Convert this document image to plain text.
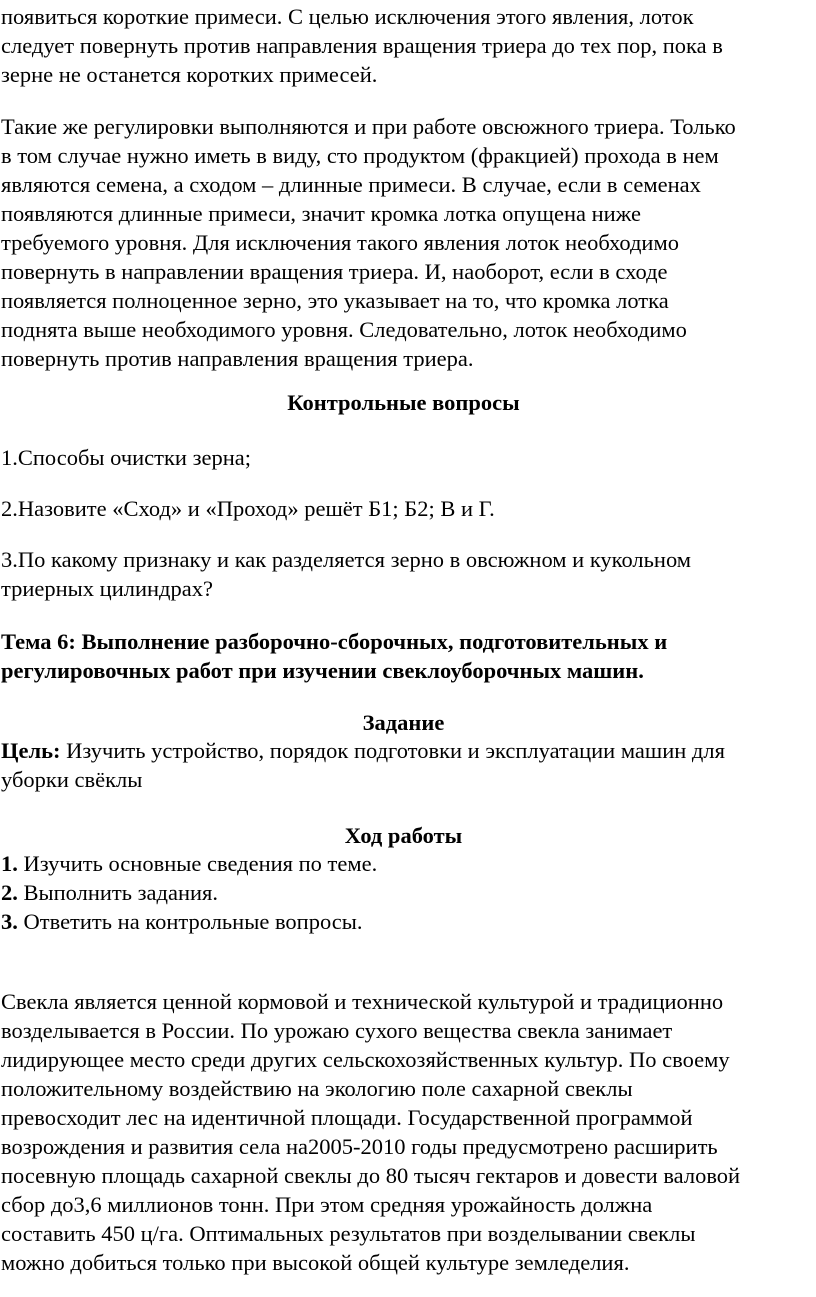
появиться короткие примеси. С целью исключения этого явления, лоток
следует повернуть против направления вращения триера до тех пор, пока в
зерне не останется коротких примесей.

Такие же регулировки выполняются и при работе овсюжного триера. Только
в том случае нужно иметь в виду, сто продуктом (фракцией) прохода в нем
являются семена, а сходом – длинные примеси. В случае, если в семенах
появляются длинные примеси, значит кромка лотка опущена ниже
требуемого уровня. Для исключения такого явления лоток необходимо
повернуть в направлении вращения триера. И, наоборот, если в сходе
появляется полноценное зерно, это указывает на то, что кромка лотка
поднята выше необходимого уровня. Следовательно, лоток необходимо
повернуть против направления вращения триера.

Контрольные вопросы

1.Способы очистки зерна;

2.Назовите «Сход» и «Проход» решёт Б1; Б2; В и Г.

3.По какому признаку и как разделяется зерно в овсюжном и кукольном
триерных цилиндрах?

Тема 6: Выполнение разборочно-сборочных, подготовительных и
регулировочных работ при изучении свеклоуборочных машин.

Задание

Цель: Изучить устройство, порядок подготовки и эксплуатации машин для
уборки свёклы

Ход работы

1. Изучить основные сведения по теме.

2. Выполнить задания.

3. Ответить на контрольные вопросы.

Свекла является ценной кормовой и технической культурой и традиционно
возделывается в России. По урожаю сухого вещества свекла занимает
лидирующее место среди других сельскохозяйственных культур. По своему
положительному воздействию на экологию поле сахарной свеклы
превосходит лес на идентичной площади. Государственной программой
возрождения и развития села на2005-2010 годы предусмотрено расширить
посевную площадь сахарной свеклы до 80 тысяч гектаров и довести валовой
сбор до3,6 миллионов тонн. При этом средняя урожайность должна
составить 450 ц/га. Оптимальных результатов при возделывании свеклы
можно добиться только при высокой общей культуре земледелия.
